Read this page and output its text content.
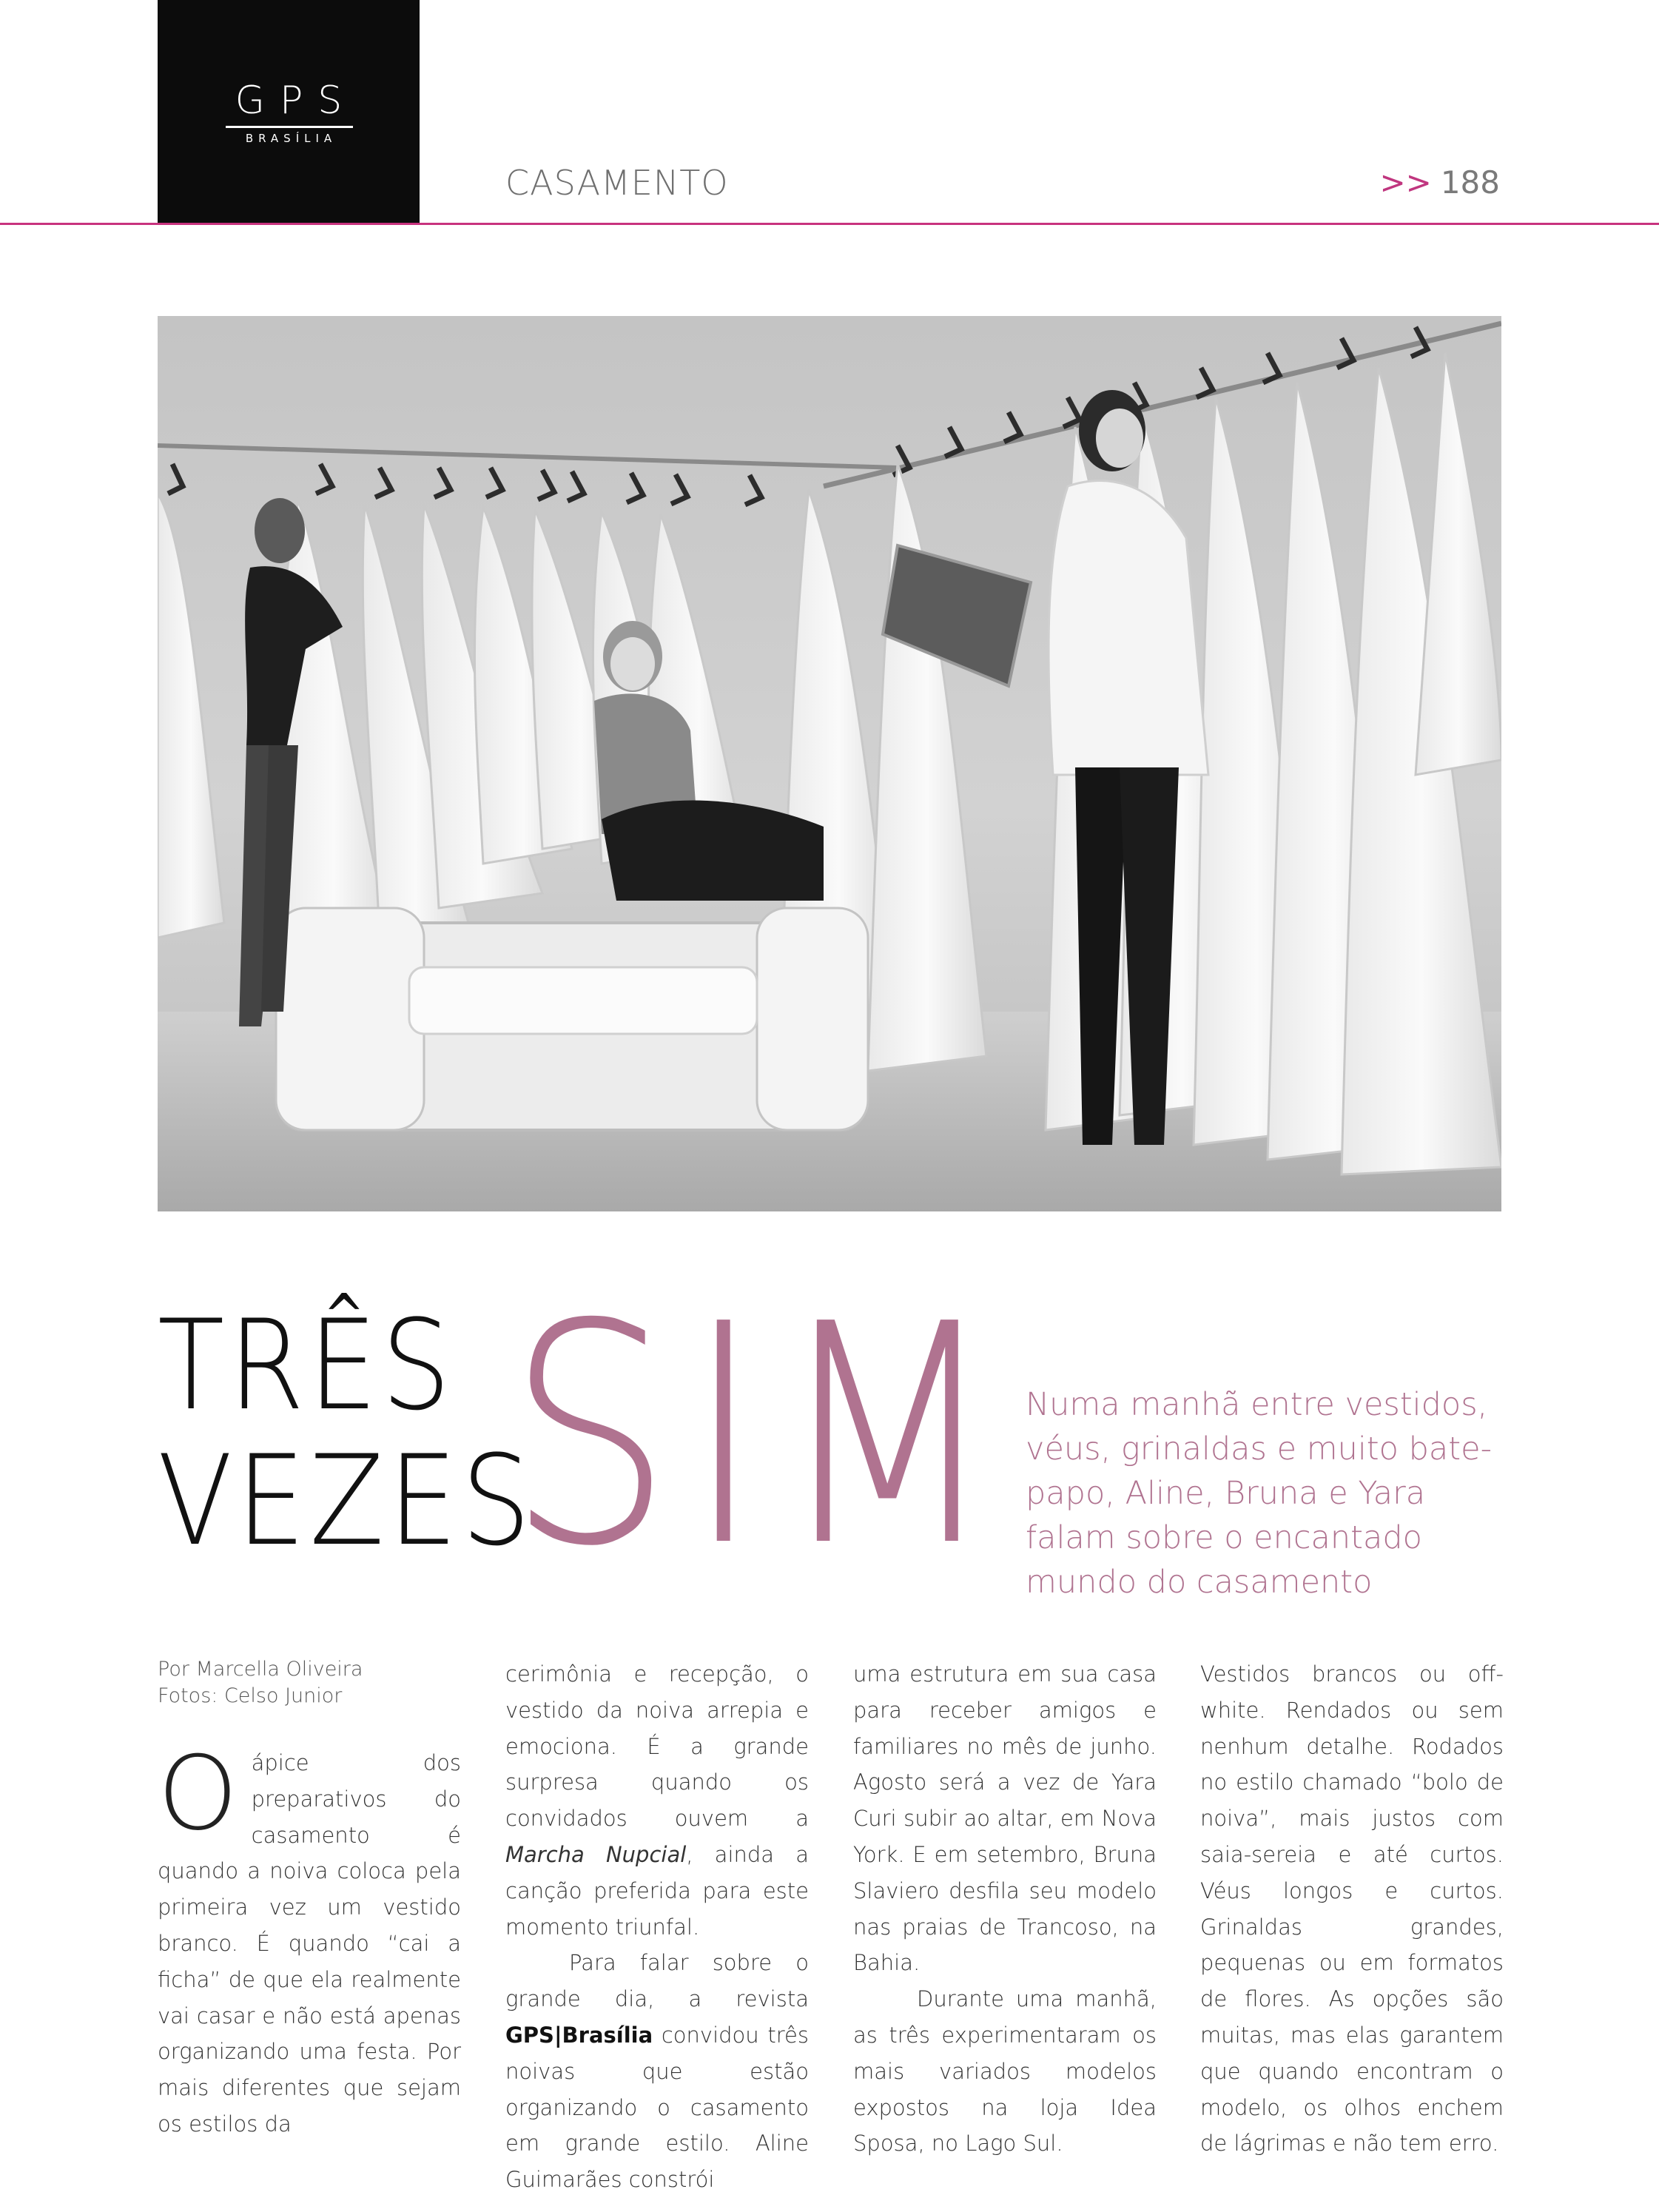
GPS
BRASÍLIA
CASAMENTO	>> 188
TRÊS
VEZES
SIM Numa manhã entre vestidos, véus, grinaldas e muito bate-papo, Aline, Bruna e Yara falam sobre o encantado mundo do casamento
Por Marcella Oliveira
Fotos: Celso Junior

Oápice dos preparativos do casamento é quando a noiva coloca pela primeira vez um vestido branco. É quando “cai a ficha” de que ela realmente vai casar e não está apenas organizando uma festa. Por mais diferentes que sejam os estilos da

cerimônia e recepção, o vestido da noiva arrepia e emociona. É a grande surpresa quando os convidados ouvem a Marcha Nupcial, ainda a canção preferida para este momento triunfal.

Para falar sobre o grande dia, a revista GPS|Brasília convidou três noivas que estão organizando o casamento em grande estilo. Aline Guimarães constrói

uma estrutura em sua casa para receber amigos e familiares no mês de junho. Agosto será a vez de Yara Curi subir ao altar, em Nova York. E em setembro, Bruna Slaviero desfila seu modelo nas praias de Trancoso, na Bahia.

Durante uma manhã, as três experimentaram os mais variados modelos expostos na loja Idea Sposa, no Lago Sul.

Vestidos brancos ou off-white. Rendados ou sem nenhum detalhe. Rodados no estilo chamado “bolo de noiva”, mais justos com saia-sereia e até curtos. Véus longos e curtos. Grinaldas grandes, pequenas ou em formatos de flores. As opções são muitas, mas elas garantem que quando encontram o modelo, os olhos enchem de lágrimas e não tem erro.
